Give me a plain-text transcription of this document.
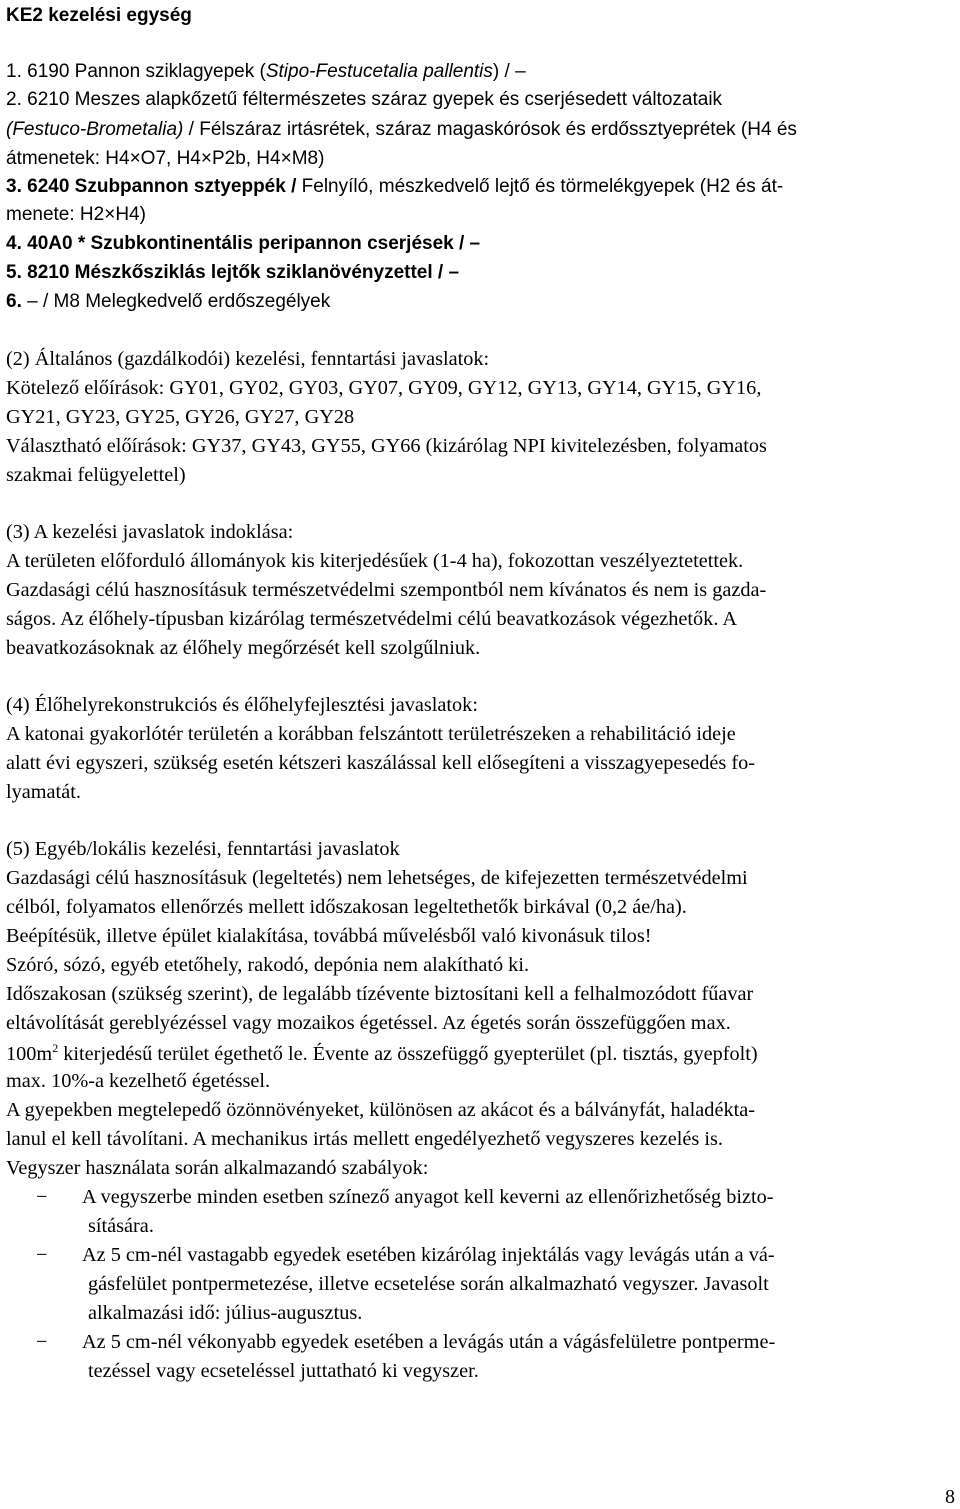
KE2 kezelési egység
1. 6190 Pannon sziklagyepek (Stipo-Festucetalia pallentis) / –
2. 6210 Meszes alapkőzetű féltermészetes száraz gyepek és cserjésedett változataik
(Festuco-Brometalia) / Félszáraz irtásrétek, száraz magaskórósok és erdőssztyeprétek (H4 és
átmenetek: H4×O7, H4×P2b, H4×M8)
3. 6240 Szubpannon sztyeppék / Felnyíló, mészkedvelő lejtő és törmelékgyepek (H2 és át-
menete: H2×H4)
4. 40A0 * Szubkontinentális peripannon cserjések / –
5. 8210 Mészkősziklás lejtők sziklanövényzettel / –
6. – / M8 Melegkedvelő erdőszegélyek
(2) Általános (gazdálkodói) kezelési, fenntartási javaslatok:
Kötelező előírások: GY01, GY02, GY03, GY07, GY09, GY12, GY13, GY14, GY15, GY16,
GY21, GY23, GY25, GY26, GY27, GY28
Választható előírások: GY37, GY43, GY55, GY66 (kizárólag NPI kivitelezésben, folyamatos
szakmai felügyelettel)
(3) A kezelési javaslatok indoklása:
A területen előforduló állományok kis kiterjedésűek (1-4 ha), fokozottan veszélyeztetettek.
Gazdasági célú hasznosításuk természetvédelmi szempontból nem kívánatos és nem is gazda-
ságos. Az élőhely-típusban kizárólag természetvédelmi célú beavatkozások végezhetők. A
beavatkozásoknak az élőhely megőrzését kell szolgűlniuk.
(4) Élőhelyrekonstrukciós és élőhelyfejlesztési javaslatok:
A katonai gyakorlótér területén a korábban felszántott területrészeken a rehabilitáció ideje
alatt évi egyszeri, szükség esetén kétszeri kaszálással kell elősegíteni a visszagyepesedés fo-
lyamatát.
(5) Egyéb/lokális kezelési, fenntartási javaslatok
Gazdasági célú hasznosításuk (legeltetés) nem lehetséges, de kifejezetten természetvédelmi
célból, folyamatos ellenőrzés mellett időszakosan legeltethetők birkával (0,2 áe/ha).
Beépítésük, illetve épület kialakítása, továbbá művelésből való kivonásuk tilos!
Szóró, sózó, egyéb etetőhely, rakodó, depónia nem alakítható ki.
Időszakosan (szükség szerint), de legalább tízévente biztosítani kell a felhalmozódott fűavar
eltávolítását gereblyézéssel vagy mozaikos égetéssel. Az égetés során összefüggően max.
$100m^2$ kiterjedésű terület égethető le. Évente az összefüggő gyepterület (pl. tisztás, gyepfolt)
max. 10%-a kezelhető égetéssel.
A gyepekben megtelepedő özönnövényeket, különösen az akácot és a bálványfát, haladékta-
lanul el kell távolítani. A mechanikus irtás mellett engedélyezhető vegyszeres kezelés is.
Vegyszer használata során alkalmazandó szabályok:
− A vegyszerbe minden esetben színező anyagot kell keverni az ellenőrizhetőség bizto-
sítására.
− Az 5 cm-nél vastagabb egyedek esetében kizárólag injektálás vagy levágás után a vá-
gásfelület pontpermetezése, illetve ecsetelése során alkalmazható vegyszer. Javasolt
alkalmazási idő: július-augusztus.
− Az 5 cm-nél vékonyabb egyedek esetében a levágás után a vágásfelületre pontperme-
tezéssel vagy ecseteléssel juttatható ki vegyszer.
8
